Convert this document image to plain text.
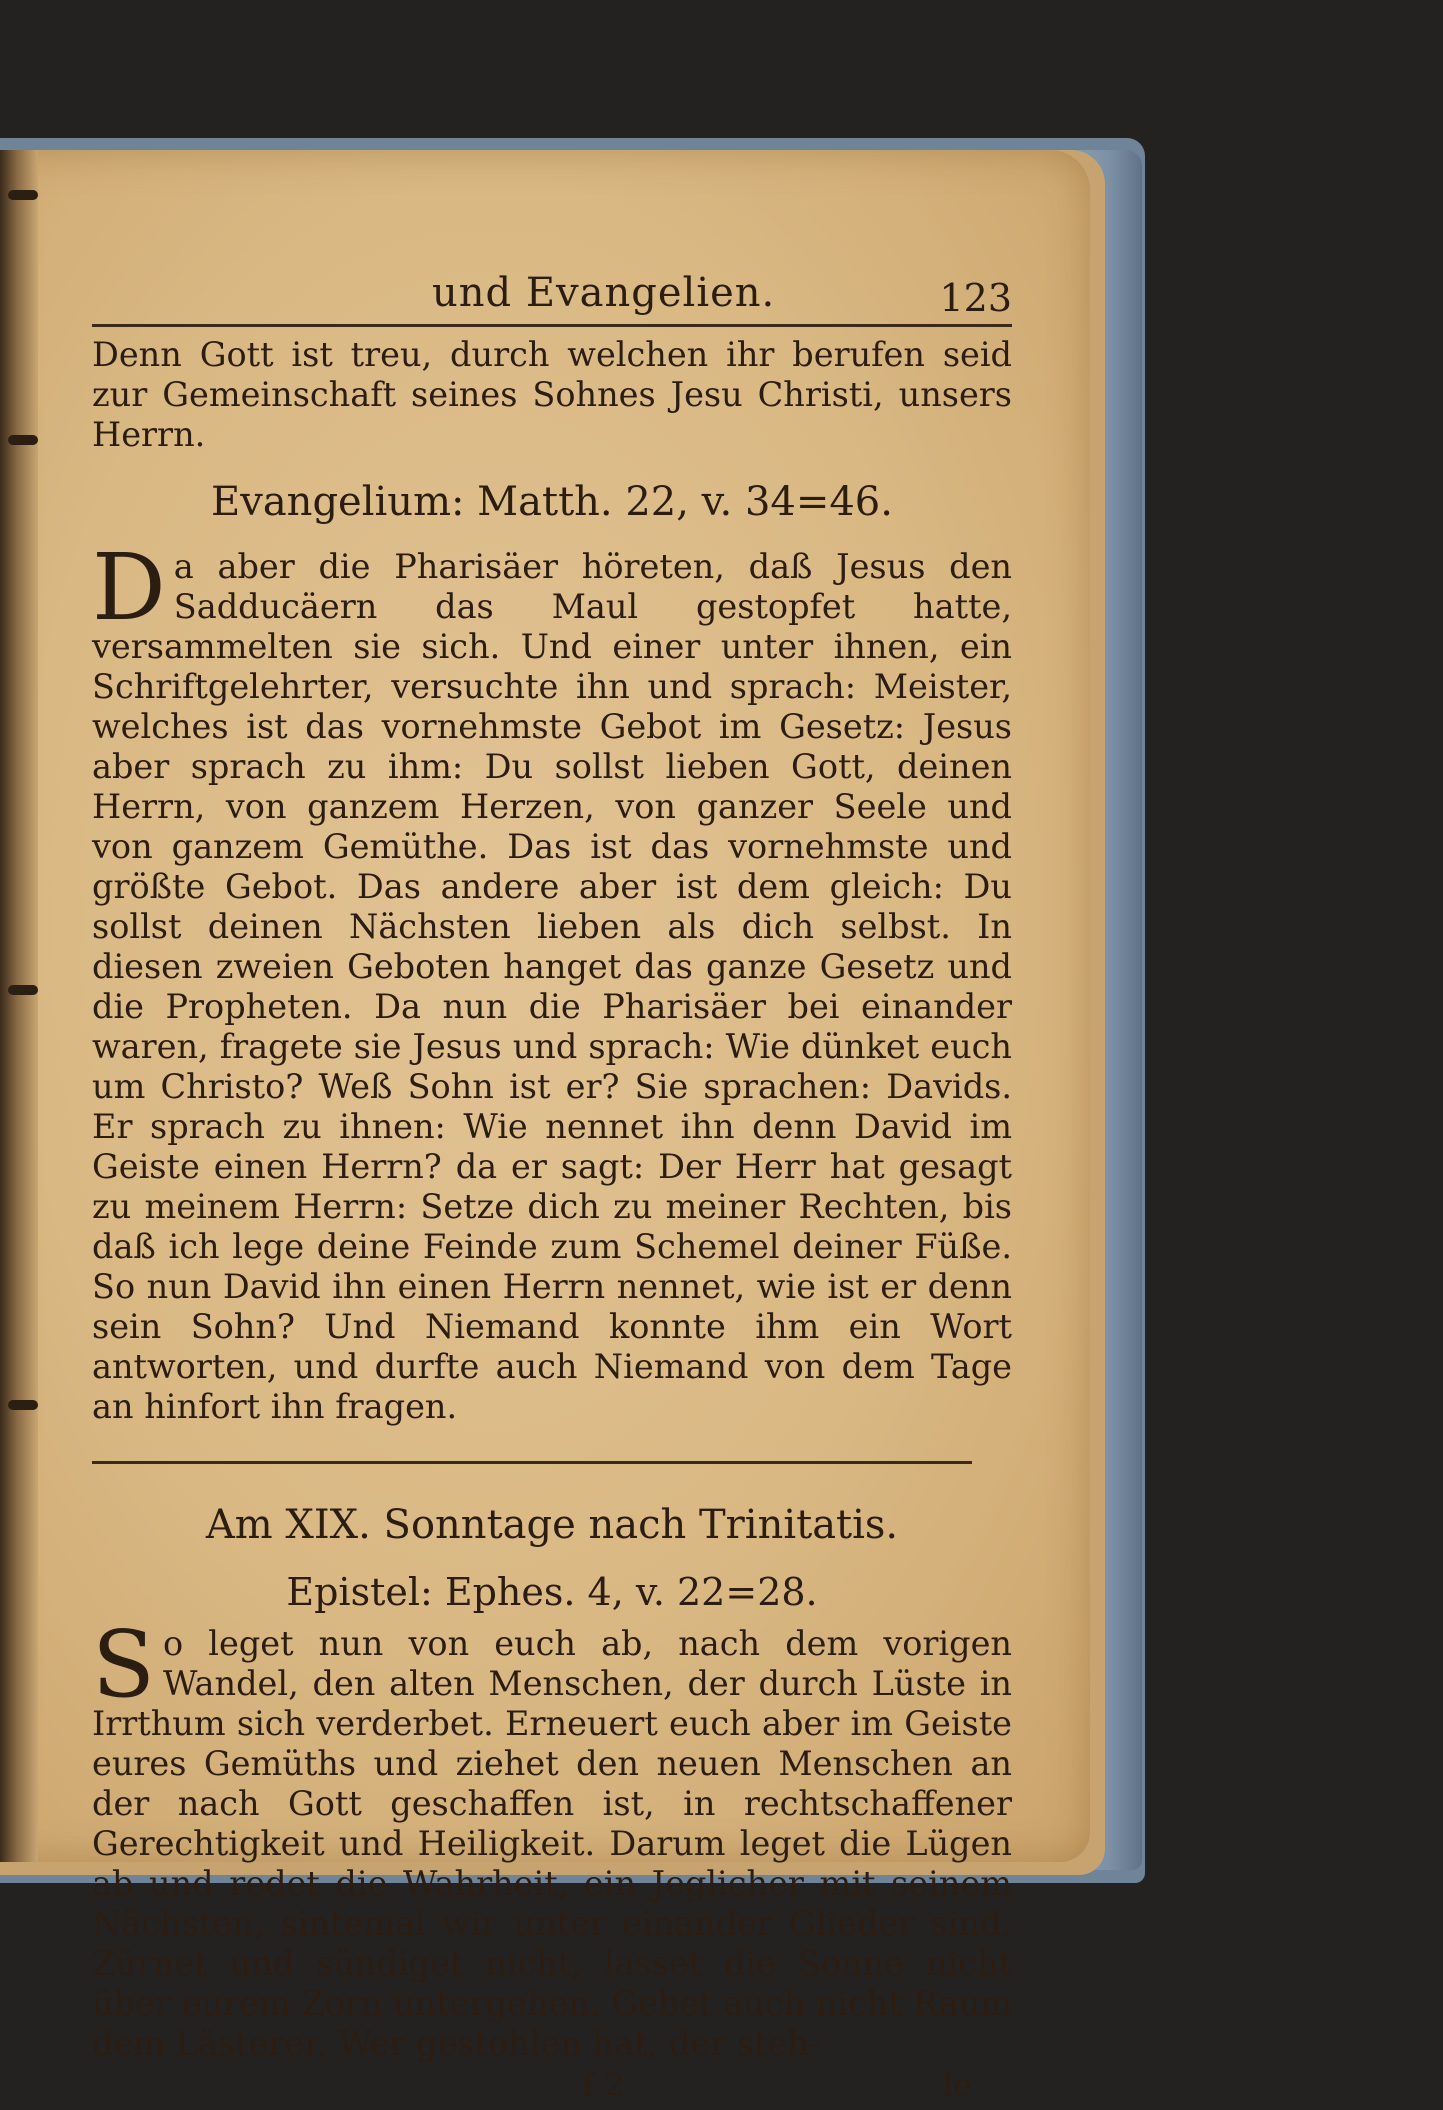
und Evangelien.	123

Denn Gott ist treu, durch welchen ihr berufen seid zur Gemeinschaft seines Sohnes Jesu Christi, unsers Herrn.

Evangelium: Matth. 22, v. 34=46.

Da aber die Pharisäer höreten, daß Jesus den Sadducäern das Maul gestopfet hatte, versammelten sie sich. Und einer unter ihnen, ein Schriftgelehrter, versuchte ihn und sprach: Meister, welches ist das vornehmste Gebot im Gesetz: Jesus aber sprach zu ihm: Du sollst lieben Gott, deinen Herrn, von ganzem Herzen, von ganzer Seele und von ganzem Gemüthe. Das ist das vornehmste und größte Gebot. Das andere aber ist dem gleich: Du sollst deinen Nächsten lieben als dich selbst. In diesen zweien Geboten hanget das ganze Gesetz und die Propheten. Da nun die Pharisäer bei einander waren, fragete sie Jesus und sprach: Wie dünket euch um Christo? Weß Sohn ist er? Sie sprachen: Davids. Er sprach zu ihnen: Wie nennet ihn denn David im Geiste einen Herrn? da er sagt: Der Herr hat gesagt zu meinem Herrn: Setze dich zu meiner Rechten, bis daß ich lege deine Feinde zum Schemel deiner Füße. So nun David ihn einen Herrn nennet, wie ist er denn sein Sohn? Und Niemand konnte ihm ein Wort antworten, und durfte auch Niemand von dem Tage an hinfort ihn fragen.

Am XIX. Sonntage nach Trinitatis.
Epistel: Ephes. 4, v. 22=28.

So leget nun von euch ab, nach dem vorigen Wandel, den alten Menschen, der durch Lüste in Irrthum sich verderbet. Erneuert euch aber im Geiste eures Gemüths und ziehet den neuen Menschen an der nach Gott geschaffen ist, in rechtschaffener Gerechtigkeit und Heiligkeit. Darum leget die Lügen ab und redet die Wahrheit, ein Jeglicher mit seinem Nächsten, sintemal wir unter einander Glieder sind. Zürnet und sündiget nicht, lasset die Sonne nicht über eurem Zorn untergehen. Gebet auch nicht Raum dem Lästerer. Wer gestohlen hat, der steh-

f 2	le
